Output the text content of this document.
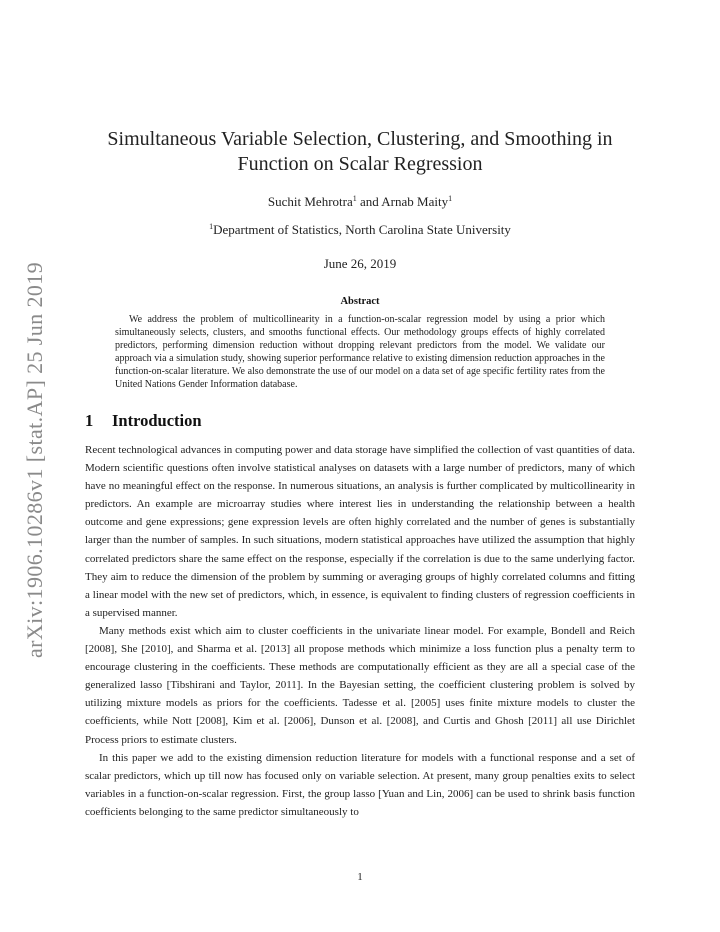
arXiv:1906.10286v1 [stat.AP] 25 Jun 2019
Simultaneous Variable Selection, Clustering, and Smoothing in
Function on Scalar Regression
Suchit Mehrotra$^1$ and Arnab Maity$^1$
$^1$Department of Statistics, North Carolina State University
June 26, 2019
Abstract
We address the problem of multicollinearity in a function-on-scalar regression model by using a prior which simultaneously selects, clusters, and smooths functional effects. Our methodology groups effects of highly correlated predictors, performing dimension reduction without dropping relevant predictors from the model. We validate our approach via a simulation study, showing superior performance relative to existing dimension reduction approaches in the function-on-scalar literature. We also demonstrate the use of our model on a data set of age specific fertility rates from the United Nations Gender Information database.
1 Introduction

Recent technological advances in computing power and data storage have simplified the collection of vast quantities of data. Modern scientific questions often involve statistical analyses on datasets with a large number of predictors, many of which have no meaningful effect on the response. In numerous situations, an analysis is further complicated by multicollinearity in predictors. An example are microarray studies where interest lies in understanding the relationship between a health outcome and gene expressions; gene expression levels are often highly correlated and the number of genes is substantially larger than the number of samples. In such situations, modern statistical approaches have utilized the assumption that highly correlated predictors share the same effect on the response, especially if the correlation is due to the same underlying factor. They aim to reduce the dimension of the problem by summing or averaging groups of highly correlated columns and fitting a linear model with the new set of predictors, which, in essence, is equivalent to finding clusters of regression coefficients in a supervised manner.

Many methods exist which aim to cluster coefficients in the univariate linear model. For example, Bondell and Reich [2008], She [2010], and Sharma et al. [2013] all propose methods which minimize a loss function plus a penalty term to encourage clustering in the coefficients. These methods are computationally efficient as they are all a special case of the generalized lasso [Tibshirani and Taylor, 2011]. In the Bayesian setting, the coefficient clustering problem is solved by utilizing mixture models as priors for the coefficients. Tadesse et al. [2005] uses finite mixture models to cluster the coefficients, while Nott [2008], Kim et al. [2006], Dunson et al. [2008], and Curtis and Ghosh [2011] all use Dirichlet Process priors to estimate clusters.

In this paper we add to the existing dimension reduction literature for models with a functional response and a set of scalar predictors, which up till now has focused only on variable selection. At present, many group penalties exits to select variables in a function-on-scalar regression. First, the group lasso [Yuan and Lin, 2006] can be used to shrink basis function coefficients belonging to the same predictor simultaneously to

1
